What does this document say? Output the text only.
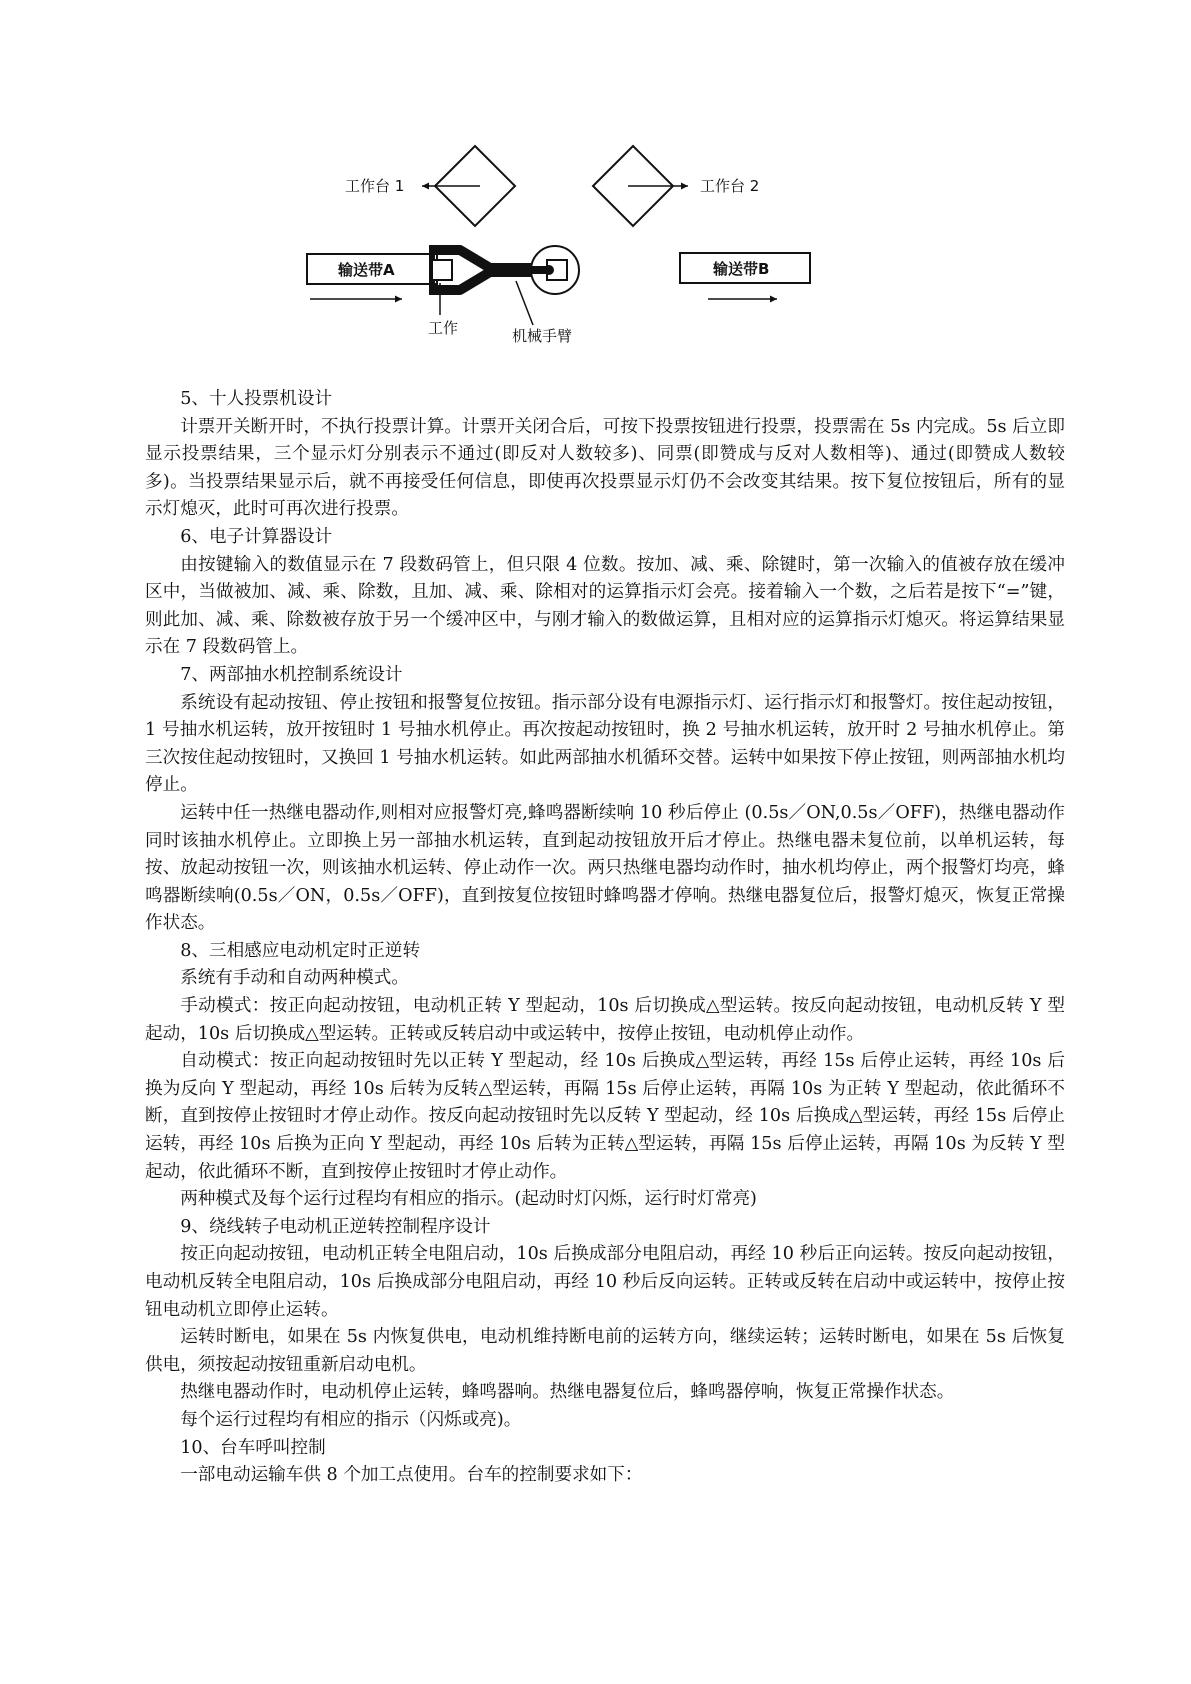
工作台 1	工作台 2
输送带A	输送带B
工作	机械手臂

5、十人投票机设计

计票开关断开时，不执行投票计算。计票开关闭合后，可按下投票按钮进行投票，投票需在 5s 内完成。5s 后立即显示投票结果，三个显示灯分别表示不通过(即反对人数较多)、同票(即赞成与反对人数相等)、通过(即赞成人数较多)。当投票结果显示后，就不再接受任何信息，即使再次投票显示灯仍不会改变其结果。按下复位按钮后，所有的显示灯熄灭，此时可再次进行投票。

6、电子计算器设计

由按键输入的数值显示在 7 段数码管上，但只限 4 位数。按加、减、乘、除键时，第一次输入的值被存放在缓冲区中，当做被加、减、乘、除数，且加、减、乘、除相对的运算指示灯会亮。接着输入一个数，之后若是按下“=”键，则此加、减、乘、除数被存放于另一个缓冲区中，与刚才输入的数做运算，且相对应的运算指示灯熄灭。将运算结果显示在 7 段数码管上。

7、两部抽水机控制系统设计

系统设有起动按钮、停止按钮和报警复位按钮。指示部分设有电源指示灯、运行指示灯和报警灯。按住起动按钮，1 号抽水机运转，放开按钮时 1 号抽水机停止。再次按起动按钮时，换 2 号抽水机运转，放开时 2 号抽水机停止。第三次按住起动按钮时，又换回 1 号抽水机运转。如此两部抽水机循环交替。运转中如果按下停止按钮，则两部抽水机均停止。

运转中任一热继电器动作,则相对应报警灯亮,蜂鸣器断续响 10 秒后停止 (0.5s／ON,0.5s／OFF)，热继电器动作同时该抽水机停止。立即换上另一部抽水机运转，直到起动按钮放开后才停止。热继电器未复位前，以单机运转，每按、放起动按钮一次，则该抽水机运转、停止动作一次。两只热继电器均动作时，抽水机均停止，两个报警灯均亮，蜂鸣器断续响(0.5s／ON，0.5s／OFF)，直到按复位按钮时蜂鸣器才停响。热继电器复位后，报警灯熄灭，恢复正常操作状态。

8、三相感应电动机定时正逆转

系统有手动和自动两种模式。

手动模式：按正向起动按钮，电动机正转 Y 型起动，10s 后切换成△型运转。按反向起动按钮，电动机反转 Y 型起动，10s 后切换成△型运转。正转或反转启动中或运转中，按停止按钮，电动机停止动作。

自动模式：按正向起动按钮时先以正转 Y 型起动，经 10s 后换成△型运转，再经 15s 后停止运转，再经 10s 后换为反向 Y 型起动，再经 10s 后转为反转△型运转，再隔 15s 后停止运转，再隔 10s 为正转 Y 型起动，依此循环不断，直到按停止按钮时才停止动作。按反向起动按钮时先以反转 Y 型起动，经 10s 后换成△型运转，再经 15s 后停止运转，再经 10s 后换为正向 Y 型起动，再经 10s 后转为正转△型运转，再隔 15s 后停止运转，再隔 10s 为反转 Y 型起动，依此循环不断，直到按停止按钮时才停止动作。

两种模式及每个运行过程均有相应的指示。(起动时灯闪烁，运行时灯常亮)

9、绕线转子电动机正逆转控制程序设计

按正向起动按钮，电动机正转全电阻启动，10s 后换成部分电阻启动，再经 10 秒后正向运转。按反向起动按钮，电动机反转全电阻启动，10s 后换成部分电阻启动，再经 10 秒后反向运转。正转或反转在启动中或运转中，按停止按钮电动机立即停止运转。

运转时断电，如果在 5s 内恢复供电，电动机维持断电前的运转方向，继续运转；运转时断电，如果在 5s 后恢复供电，须按起动按钮重新启动电机。

热继电器动作时，电动机停止运转，蜂鸣器响。热继电器复位后，蜂鸣器停响，恢复正常操作状态。

每个运行过程均有相应的指示（闪烁或亮)。

10、台车呼叫控制

一部电动运输车供 8 个加工点使用。台车的控制要求如下：
